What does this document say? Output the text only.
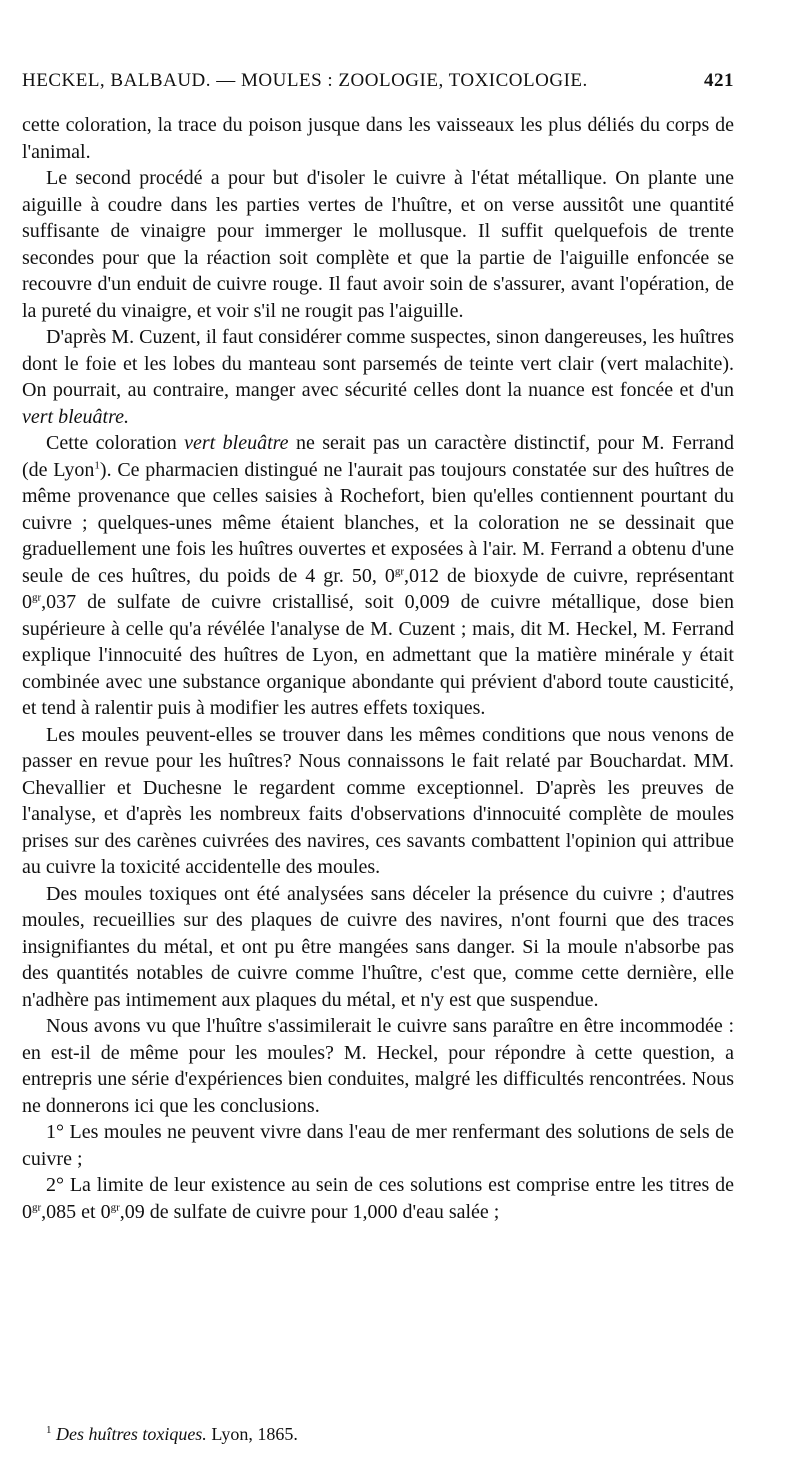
HECKEL, BALBAUD. — MOULES : ZOOLOGIE, TOXICOLOGIE.	421

cette coloration, la trace du poison jusque dans les vaisseaux les plus déliés du corps de l'animal.

Le second procédé a pour but d'isoler le cuivre à l'état métallique. On plante une aiguille à coudre dans les parties vertes de l'huître, et on verse aussitôt une quantité suffisante de vinaigre pour immerger le mollusque. Il suffit quelquefois de trente secondes pour que la réaction soit complète et que la partie de l'aiguille enfoncée se recouvre d'un enduit de cuivre rouge. Il faut avoir soin de s'assurer, avant l'opération, de la pureté du vinaigre, et voir s'il ne rougit pas l'aiguille.

D'après M. Cuzent, il faut considérer comme suspectes, sinon dangereuses, les huîtres dont le foie et les lobes du manteau sont parsemés de teinte vert clair (vert malachite). On pourrait, au contraire, manger avec sécurité celles dont la nuance est foncée et d'un vert bleuâtre.

Cette coloration vert bleuâtre ne serait pas un caractère distinctif, pour M. Ferrand (de Lyon$^1$). Ce pharmacien distingué ne l'aurait pas toujours constatée sur des huîtres de même provenance que celles saisies à Rochefort, bien qu'elles contiennent pourtant du cuivre ; quelques-unes même étaient blanches, et la coloration ne se dessinait que graduellement une fois les huîtres ouvertes et exposées à l'air. M. Ferrand a obtenu d'une seule de ces huîtres, du poids de 4 gr. 50, $0^{gr},012$ de bioxyde de cuivre, représentant $0^{gr},037$ de sulfate de cuivre cristallisé, soit 0,009 de cuivre métallique, dose bien supérieure à celle qu'a révélée l'analyse de M. Cuzent ; mais, dit M. Heckel, M. Ferrand explique l'innocuité des huîtres de Lyon, en admettant que la matière minérale y était combinée avec une substance organique abondante qui prévient d'abord toute causticité, et tend à ralentir puis à modifier les autres effets toxiques.

Les moules peuvent-elles se trouver dans les mêmes conditions que nous venons de passer en revue pour les huîtres? Nous connaissons le fait relaté par Bouchardat. MM. Chevallier et Duchesne le regardent comme exceptionnel. D'après les preuves de l'analyse, et d'après les nombreux faits d'observations d'innocuité complète de moules prises sur des carènes cuivrées des navires, ces savants combattent l'opinion qui attribue au cuivre la toxicité accidentelle des moules.

Des moules toxiques ont été analysées sans déceler la présence du cuivre ; d'autres moules, recueillies sur des plaques de cuivre des navires, n'ont fourni que des traces insignifiantes du métal, et ont pu être mangées sans danger. Si la moule n'absorbe pas des quantités notables de cuivre comme l'huître, c'est que, comme cette dernière, elle n'adhère pas intimement aux plaques du métal, et n'y est que suspendue.

Nous avons vu que l'huître s'assimilerait le cuivre sans paraître en être incommodée : en est-il de même pour les moules? M. Heckel, pour répondre à cette question, a entrepris une série d'expériences bien conduites, malgré les difficultés rencontrées. Nous ne donnerons ici que les conclusions.

1° Les moules ne peuvent vivre dans l'eau de mer renfermant des solutions de sels de cuivre ;

2° La limite de leur existence au sein de ces solutions est comprise entre les titres de $0^{gr},085$ et $0^{gr},09$ de sulfate de cuivre pour 1,000 d'eau salée ;

$^1$ Des huîtres toxiques. Lyon, 1865.
